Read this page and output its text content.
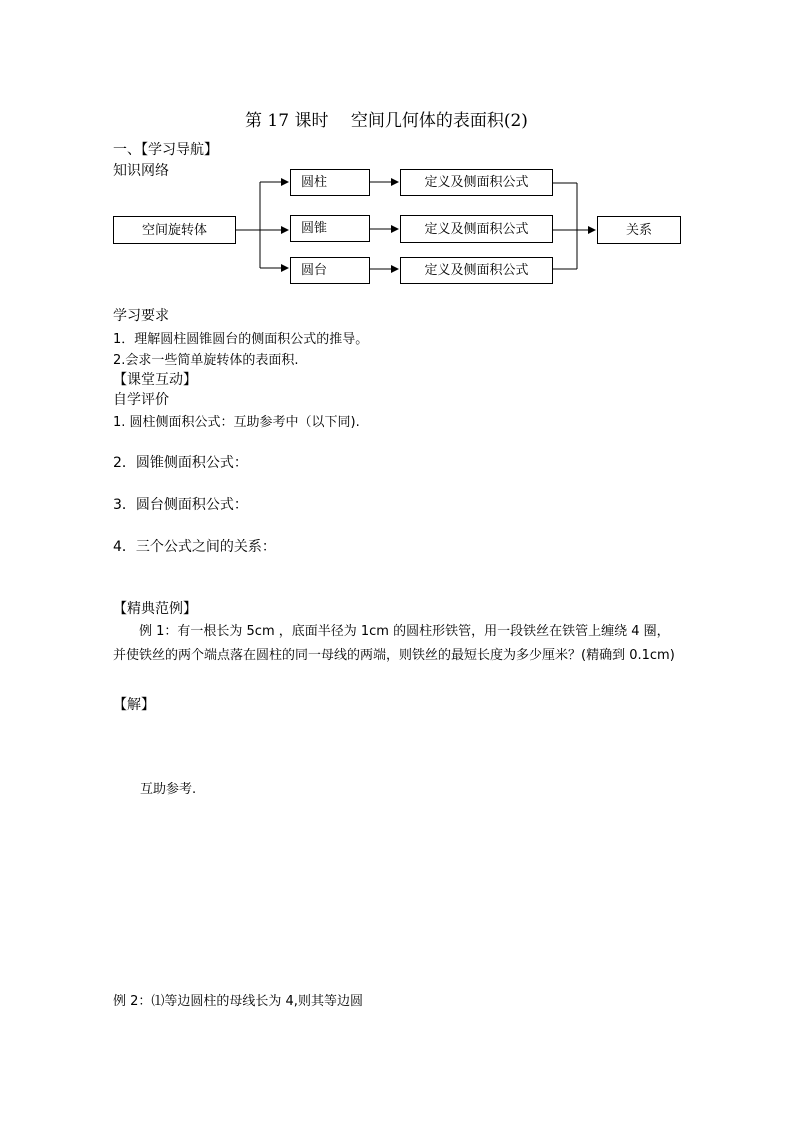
第 17 课时　 空间几何体的表面积(2)
一、【学习导航】
知识网络
空间旋转体
圆柱
圆锥
圆台
定义及侧面积公式
定义及侧面积公式
定义及侧面积公式
关系
学习要求
1．理解圆柱圆锥圆台的侧面积公式的推导。
2.会求一些简单旋转体的表面积.
【课堂互动】
自学评价
1. 圆柱侧面积公式：互助参考中（以下同).
2．圆锥侧面积公式：
3．圆台侧面积公式：
4．三个公式之间的关系：
【精典范例】
例 1：有一根长为 5cm ，底面半径为 1cm 的圆柱形铁管，用一段铁丝在铁管上缠绕 4 圈，并使铁丝的两个端点落在圆柱的同一母线的两端，则铁丝的最短长度为多少厘米？(精确到 0.1cm)
【解】
互助参考.
例 2：⑴等边圆柱的母线长为 4,则其等边圆
